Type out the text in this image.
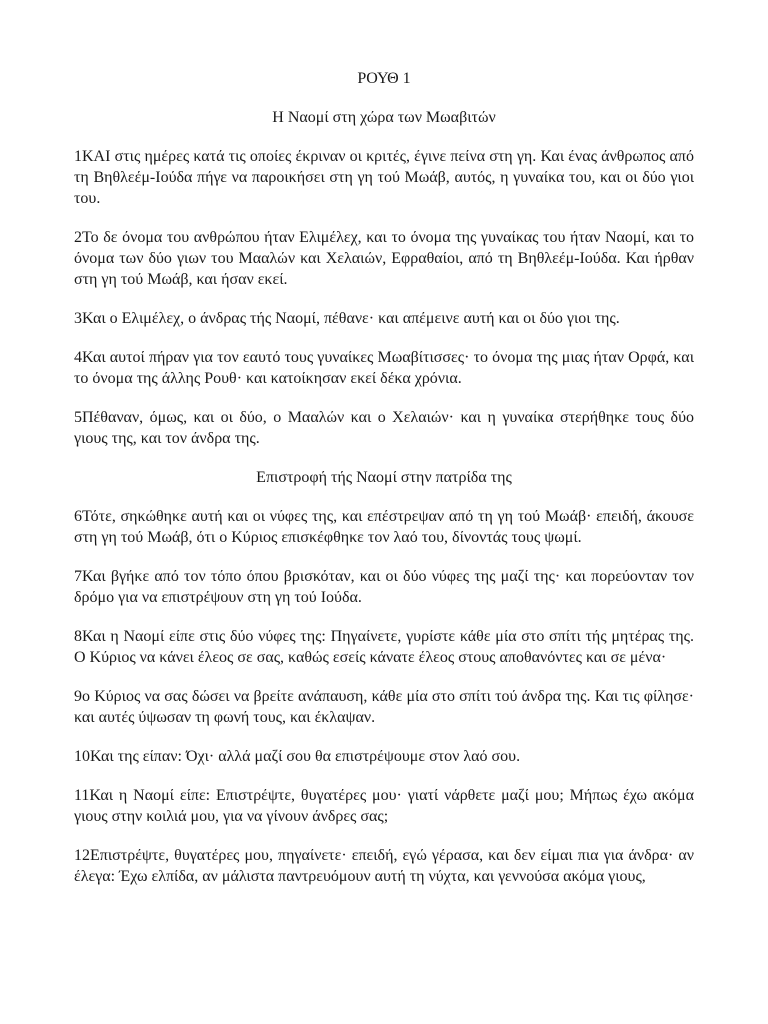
ΡΟΥΘ 1
Η Ναομί στη χώρα των Μωαβιτών

1ΚΑΙ στις ημέρες κατά τις οποίες έκριναν οι κριτές, έγινε πείνα στη γη. Και ένας άνθρωπος από τη Βηθλεέμ-Ιούδα πήγε να παροικήσει στη γη τού Μωάβ, αυτός, η γυναίκα του, και οι δύο γιοι του.

2Το δε όνομα του ανθρώπου ήταν Ελιμέλεχ, και το όνομα της γυναίκας του ήταν Ναομί, και το όνομα των δύο γιων του Μααλών και Χελαιών, Εφραθαίοι, από τη Βηθλεέμ-Ιούδα. Και ήρθαν στη γη τού Μωάβ, και ήσαν εκεί.

3Και ο Ελιμέλεχ, ο άνδρας τής Ναομί, πέθανε· και απέμεινε αυτή και οι δύο γιοι της.

4Και αυτοί πήραν για τον εαυτό τους γυναίκες Μωαβίτισσες· το όνομα της μιας ήταν Ορφά, και το όνομα της άλλης Ρουθ· και κατοίκησαν εκεί δέκα χρόνια.

5Πέθαναν, όμως, και οι δύο, ο Μααλών και ο Χελαιών· και η γυναίκα στερήθηκε τους δύο γιους της, και τον άνδρα της.

Επιστροφή τής Ναομί στην πατρίδα της

6Τότε, σηκώθηκε αυτή και οι νύφες της, και επέστρεψαν από τη γη τού Μωάβ· επειδή, άκουσε στη γη τού Μωάβ, ότι ο Κύριος επισκέφθηκε τον λαό του, δίνοντάς τους ψωμί.

7Και βγήκε από τον τόπο όπου βρισκόταν, και οι δύο νύφες της μαζί της· και πορεύονταν τον δρόμο για να επιστρέψουν στη γη τού Ιούδα.

8Και η Ναομί είπε στις δύο νύφες της: Πηγαίνετε, γυρίστε κάθε μία στο σπίτι τής μητέρας της. Ο Κύριος να κάνει έλεος σε σας, καθώς εσείς κάνατε έλεος στους αποθανόντες και σε μένα·

9ο Κύριος να σας δώσει να βρείτε ανάπαυση, κάθε μία στο σπίτι τού άνδρα της. Και τις φίλησε· και αυτές ύψωσαν τη φωνή τους, και έκλαψαν.

10Και της είπαν: Όχι· αλλά μαζί σου θα επιστρέψουμε στον λαό σου.

11Και η Ναομί είπε: Επιστρέψτε, θυγατέρες μου· γιατί νάρθετε μαζί μου; Μήπως έχω ακόμα γιους στην κοιλιά μου, για να γίνουν άνδρες σας;

12Επιστρέψτε, θυγατέρες μου, πηγαίνετε· επειδή, εγώ γέρασα, και δεν είμαι πια για άνδρα· αν έλεγα: Έχω ελπίδα, αν μάλιστα παντρευόμουν αυτή τη νύχτα, και γεννούσα ακόμα γιους,
